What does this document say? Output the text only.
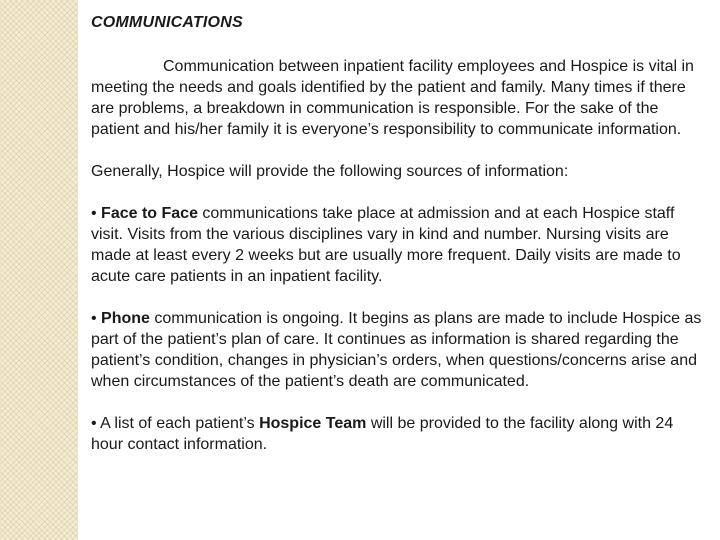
COMMUNICATIONS

Communication between inpatient facility employees and Hospice is vital in meeting the needs and goals identified by the patient and family. Many times if there are problems, a breakdown in communication is responsible. For the sake of the patient and his/her family it is everyone’s responsibility to communicate information.

Generally, Hospice will provide the following sources of information:

• Face to Face communications take place at admission and at each Hospice staff visit. Visits from the various disciplines vary in kind and number. Nursing visits are made at least every 2 weeks but are usually more frequent. Daily visits are made to acute care patients in an inpatient facility.

• Phone communication is ongoing. It begins as plans are made to include Hospice as part of the patient’s plan of care. It continues as information is shared regarding the patient’s condition, changes in physician’s orders, when questions/concerns arise and when circumstances of the patient’s death are communicated.

• A list of each patient’s Hospice Team will be provided to the facility along with 24 hour contact information.
